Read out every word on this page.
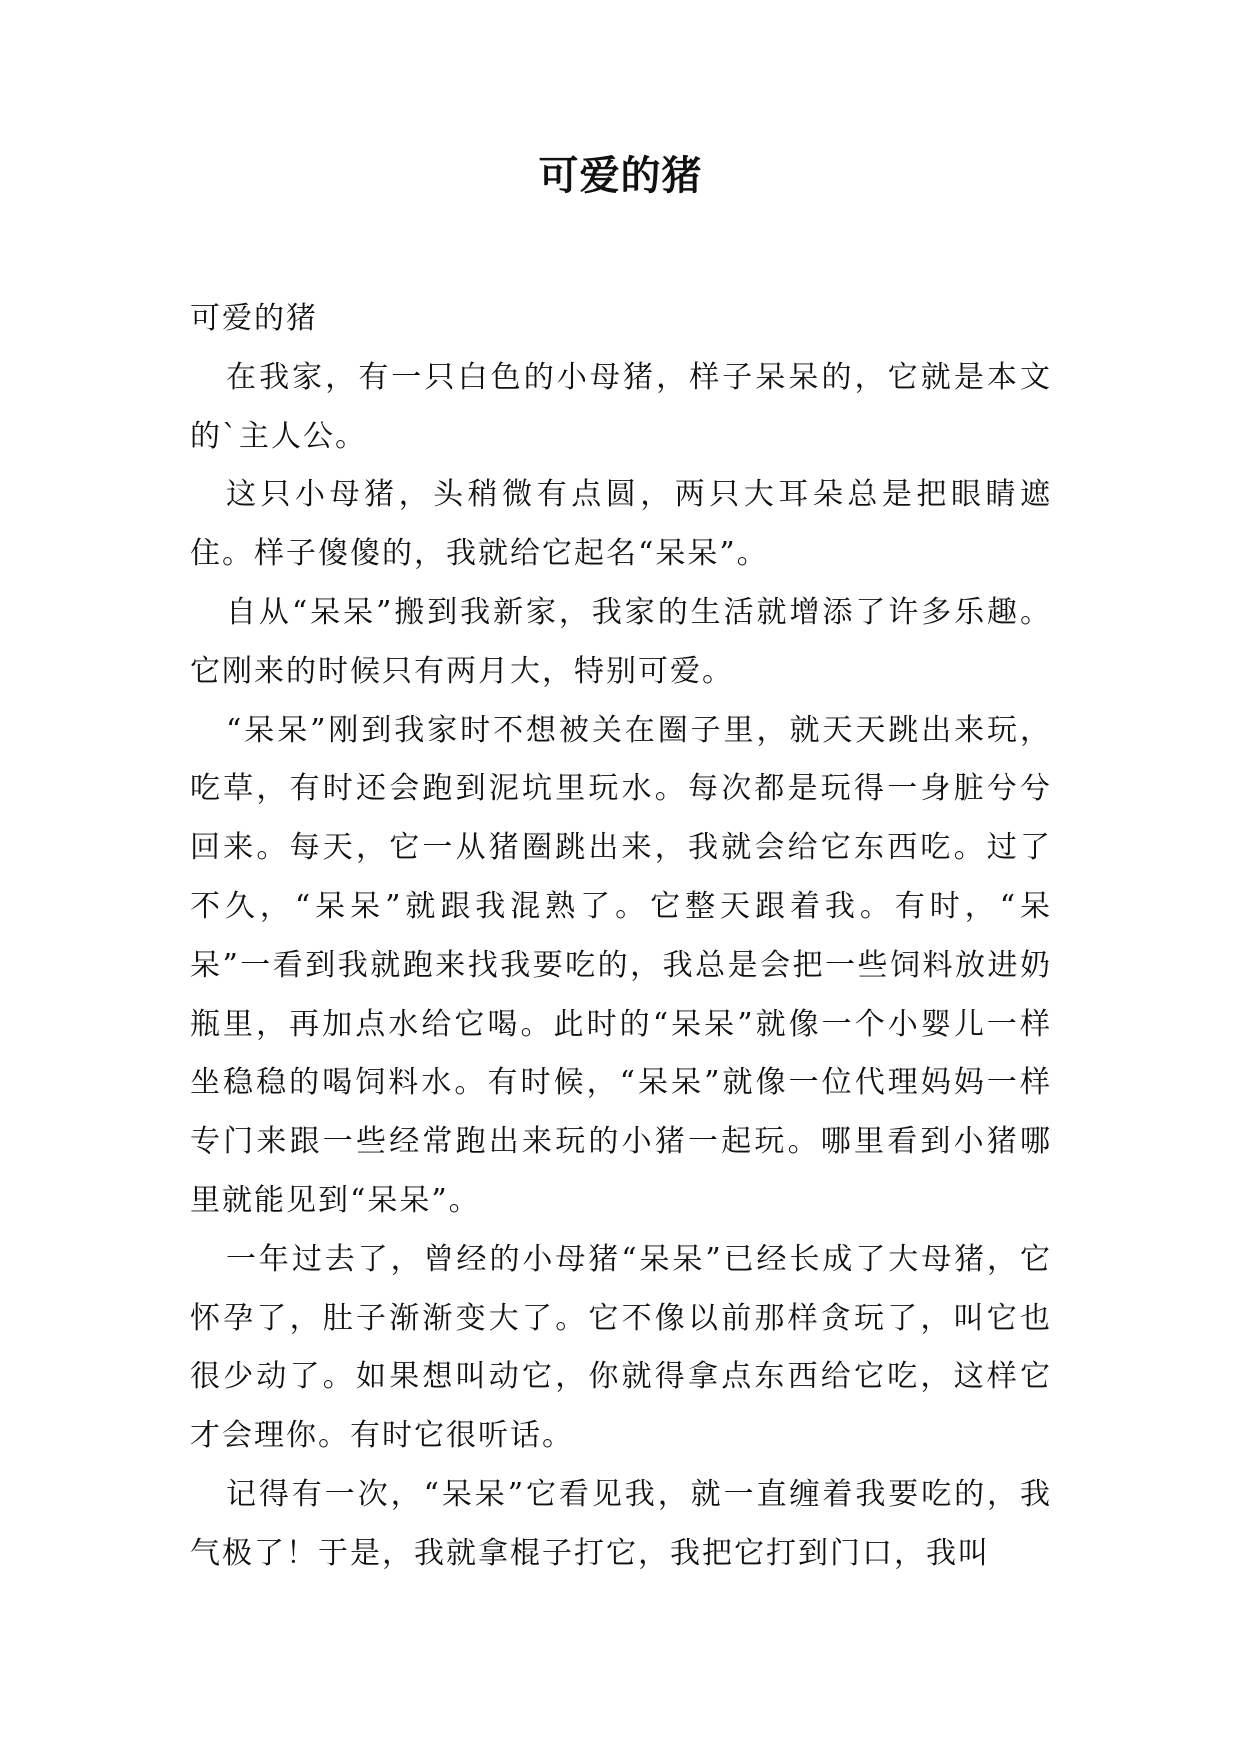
可爱的猪

可爱的猪

在我家，有一只白色的小母猪，样子呆呆的，它就是本文的`主人公。

这只小母猪，头稍微有点圆，两只大耳朵总是把眼睛遮住。样子傻傻的，我就给它起名“呆呆”。

自从“呆呆”搬到我新家，我家的生活就增添了许多乐趣。它刚来的时候只有两月大，特别可爱。

“呆呆”刚到我家时不想被关在圈子里，就天天跳出来玩，吃草，有时还会跑到泥坑里玩水。每次都是玩得一身脏兮兮回来。每天，它一从猪圈跳出来，我就会给它东西吃。过了不久，“呆呆”就跟我混熟了。它整天跟着我。有时，“呆呆”一看到我就跑来找我要吃的，我总是会把一些饲料放进奶瓶里，再加点水给它喝。此时的“呆呆”就像一个小婴儿一样坐稳稳的喝饲料水。有时候，“呆呆”就像一位代理妈妈一样专门来跟一些经常跑出来玩的小猪一起玩。哪里看到小猪哪里就能见到“呆呆”。

一年过去了，曾经的小母猪“呆呆”已经长成了大母猪，它怀孕了，肚子渐渐变大了。它不像以前那样贪玩了，叫它也很少动了。如果想叫动它，你就得拿点东西给它吃，这样它才会理你。有时它很听话。

记得有一次，“呆呆”它看见我，就一直缠着我要吃的，我气极了！于是，我就拿棍子打它，我把它打到门口，我叫
